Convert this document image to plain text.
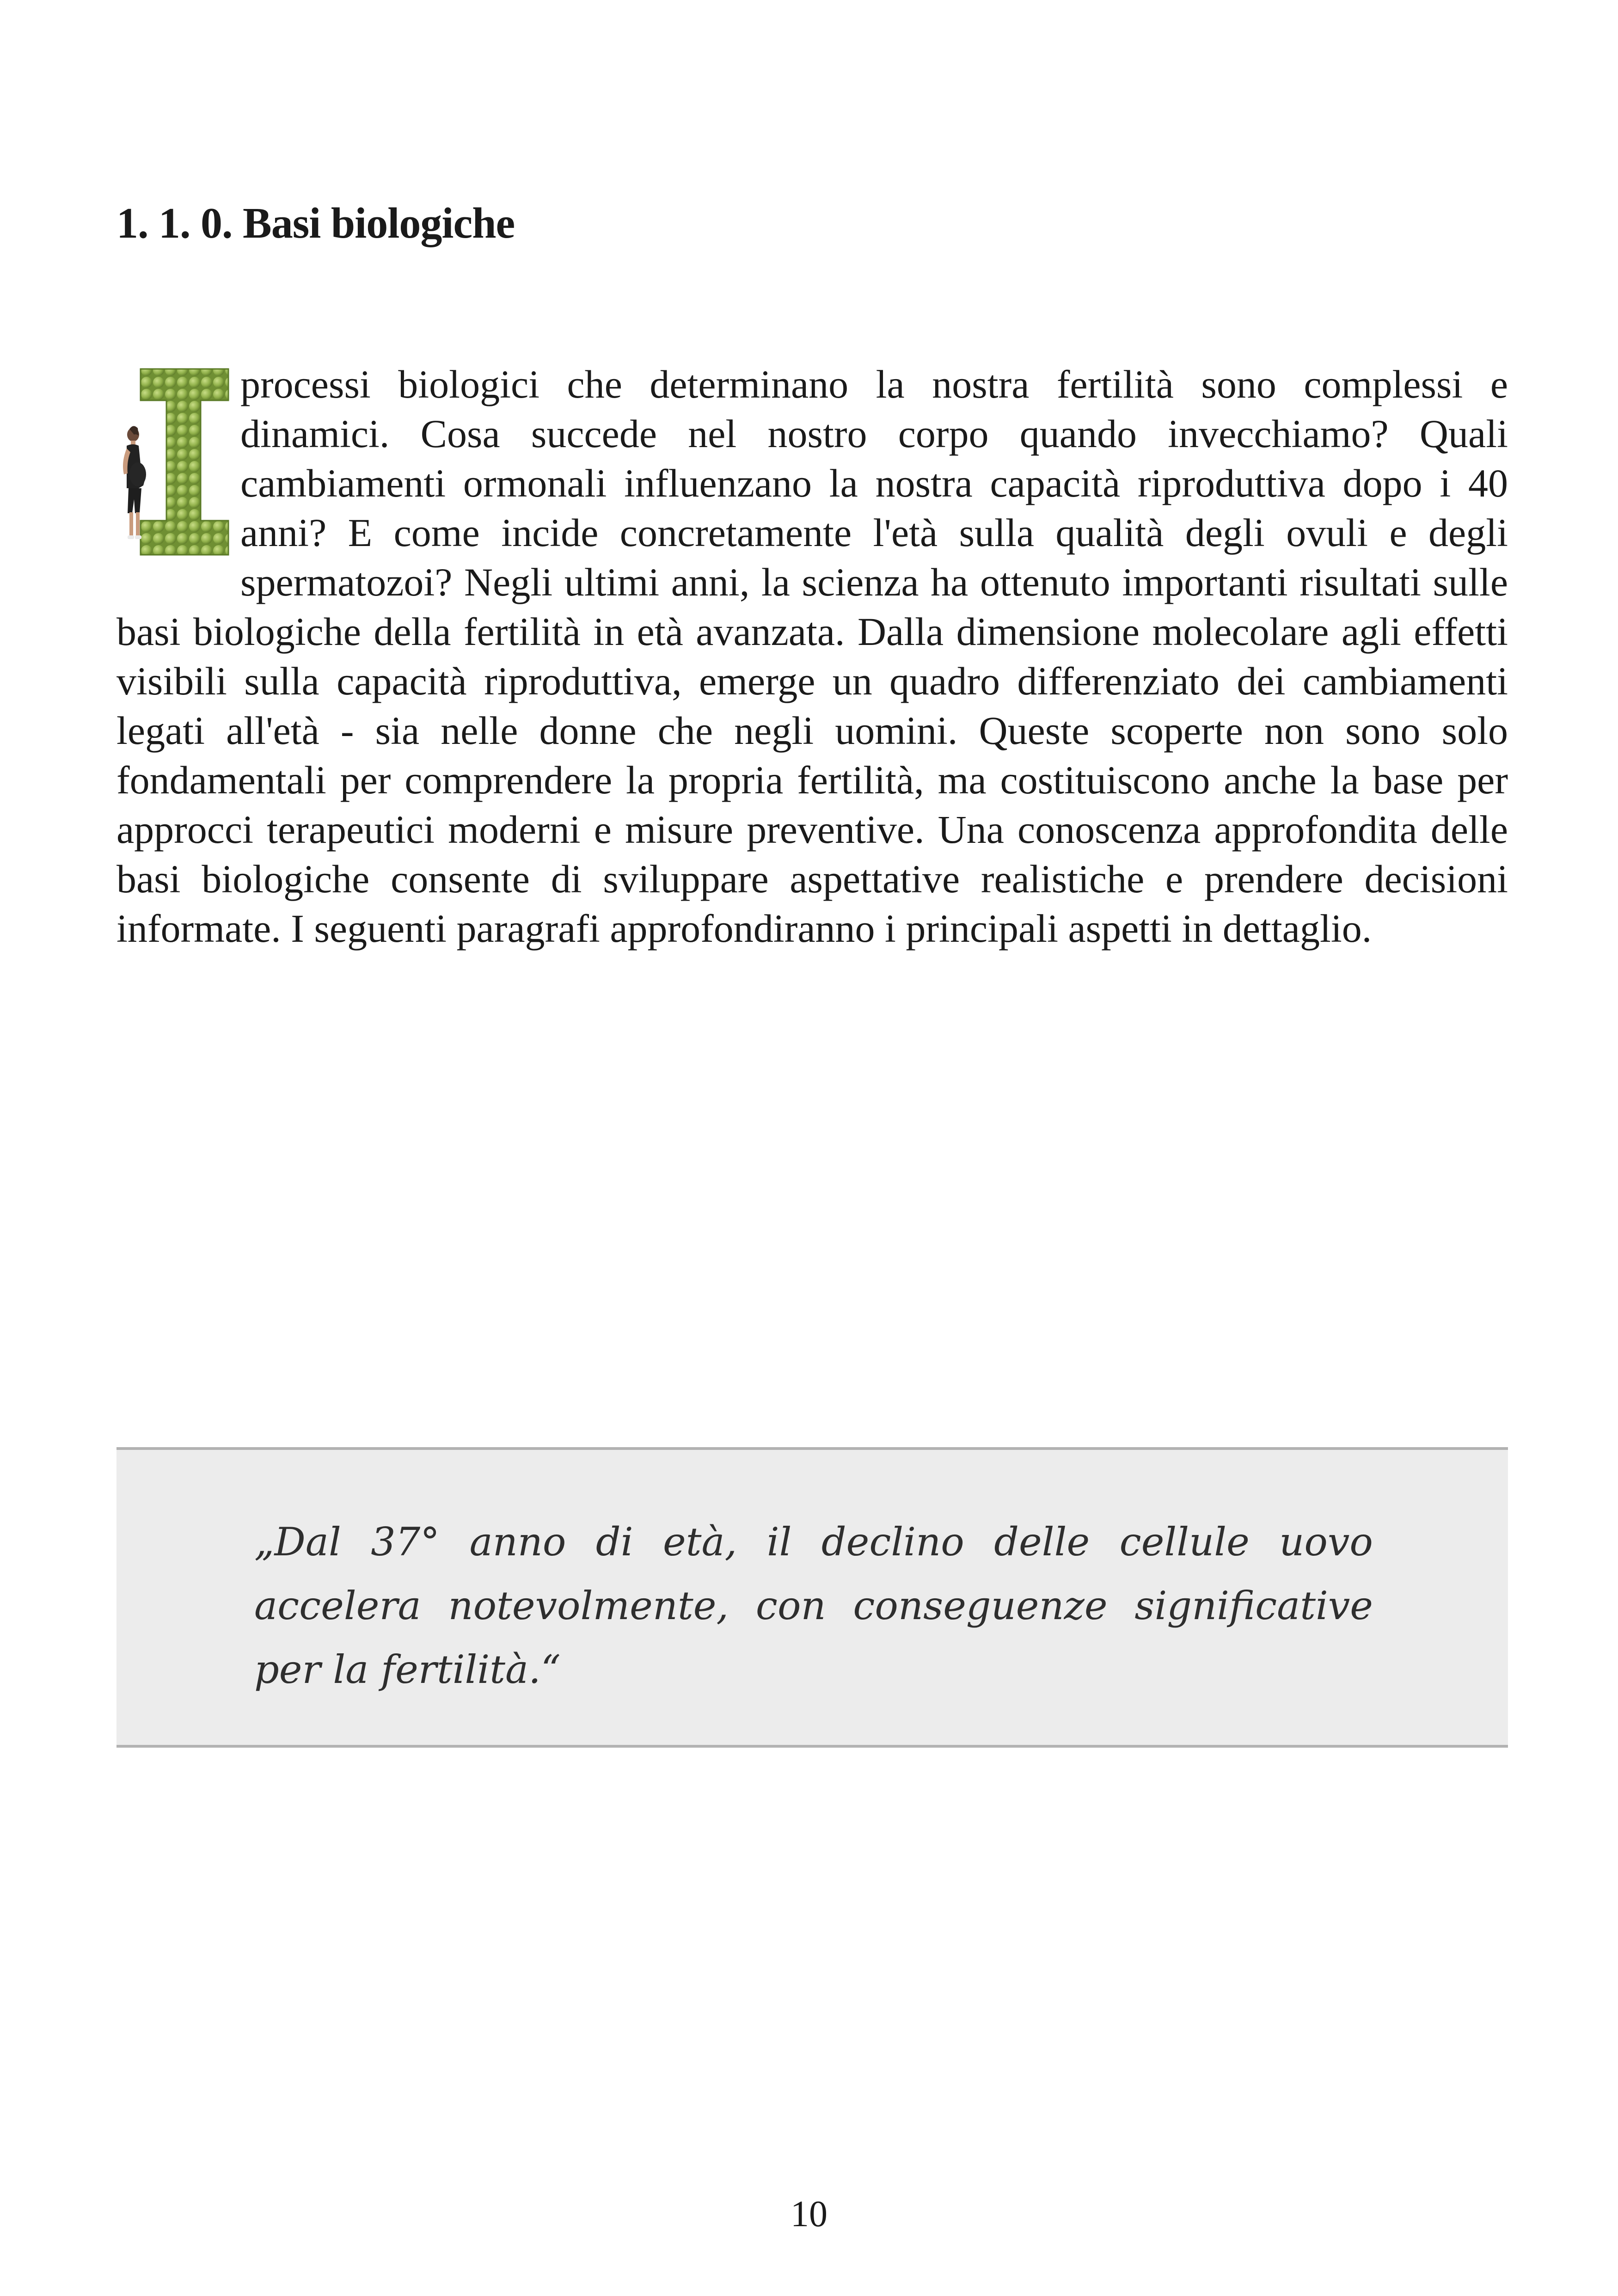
1. 1. 0. Basi biologiche

processi biologici che determinano la nostra fertilità sono complessi e dinamici. Cosa succede nel nostro corpo quando invecchiamo? Quali cambiamenti ormonali influenzano la nostra capacità riproduttiva dopo i 40 anni? E come incide concretamente l'età sulla qualità degli ovuli e degli spermatozoi? Negli ultimi anni, la scienza ha ottenuto importanti risultati sulle basi biologiche della fertilità in età avanzata. Dalla dimensione molecolare agli effetti visibili sulla capacità riproduttiva, emerge un quadro differenziato dei cambiamenti legati all'età - sia nelle donne che negli uomini. Queste scoperte non sono solo fondamentali per comprendere la propria fertilità, ma costituiscono anche la base per approcci terapeutici moderni e misure preventive. Una conoscenza approfondita delle basi biologiche consente di sviluppare aspettative realistiche e prendere decisioni informate. I seguenti paragrafi approfondiranno i principali aspetti in dettaglio.

„Dal 37° anno di età, il declino delle cellule uovo accelera notevolmente, con conseguenze significative per la fertilità.“

10
